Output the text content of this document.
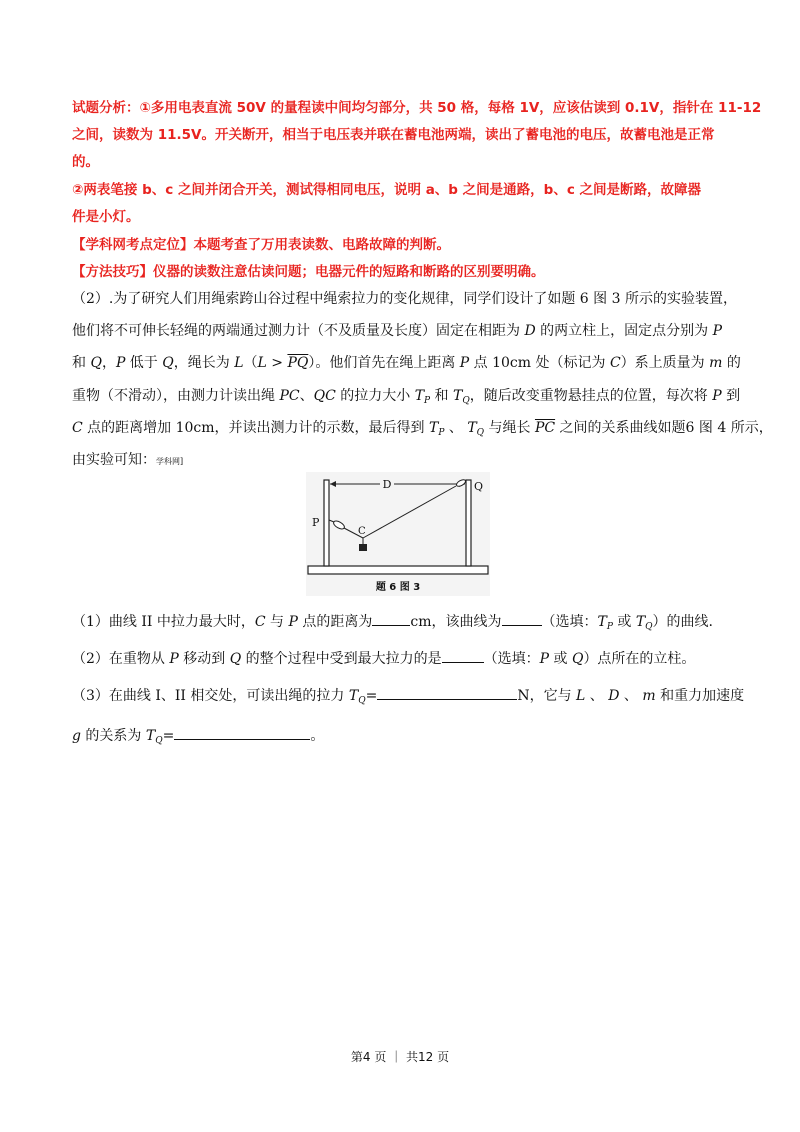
试题分析：①多用电表直流 50V 的量程读中间均匀部分，共 50 格，每格 1V，应该估读到 0.1V，指针在 11-12
之间，读数为 11.5V。开关断开，相当于电压表并联在蓄电池两端，读出了蓄电池的电压，故蓄电池是正常
的。
②两表笔接 b、c 之间并闭合开关，测试得相同电压，说明 a、b 之间是通路，b、c 之间是断路，故障器
件是小灯。
【学科网考点定位】本题考查了万用表读数、电路故障的判断。
【方法技巧】仪器的读数注意估读问题；电器元件的短路和断路的区别要明确。
（2）.为了研究人们用绳索跨山谷过程中绳索拉力的变化规律，同学们设计了如题 6 图 3 所示的实验装置，
他们将不可伸长轻绳的两端通过测力计（不及质量及长度）固定在相距为 D 的两立柱上，固定点分别为 P
和 Q，P 低于 Q，绳长为 $L(L > \overline{PQ})$。他们首先在绳上距离 P 点 10cm 处（标记为 C）系上质量为 m 的
重物（不滑动），由测力计读出绳 PC、QC 的拉力大小 $T_P$ 和 $T_Q$，随后改变重物悬挂点的位置，每次将 P 到
C 点的距离增加 10cm，并读出测力计的示数，最后得到 $T_P$ 、 $T_Q$ 与绳长 $\overline{PC}$ 之间的关系曲线如题6 图 4 所示，
由实验可知：学科网]
D	Q
P
C
题 6 图 3
（1）曲线 II 中拉力最大时，C 与 P 点的距离为	cm，该曲线为	（选填：$T_P$ 或 $T_Q$）的曲线.
（2）在重物从 P 移动到 Q 的整个过程中受到最大拉力的是	（选填：P 或 Q）点所在的立柱。
（3）在曲线 I、II 相交处，可读出绳的拉力 $T_Q=$	N，它与 L 、 D 、 m 和重力加速度
g 的关系为 $T_Q=$	。
第4 页 ｜ 共12 页
